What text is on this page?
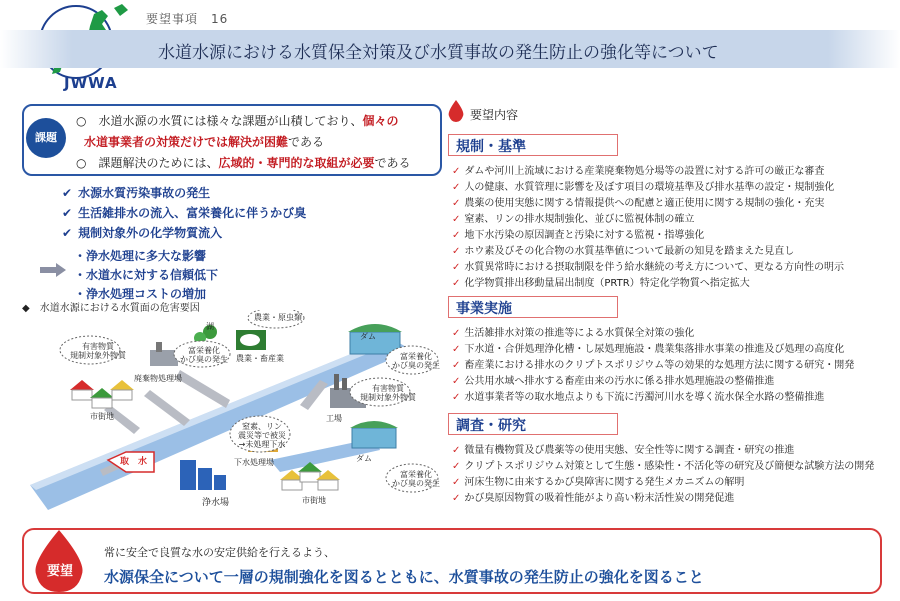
JWWA
要望事項　16
水道水源における水質保全対策及び水質事故の発生防止の強化等について
課題
○　水道水源の水質には様々な課題が山積しており、個々の
水道事業者の対策だけでは解決が困難である
○　課題解決のためには、広域的・専門的な取組が必要である
✔ 水源水質汚染事故の発生
✔ 生活雑排水の流入、富栄養化に伴うかび臭
✔ 規制対象外の化学物質流入
・浄水処理に多大な影響
・水道水に対する信頼低下
・浄水処理コストの増加
◆　水道水源における水質面の危害要因
湖
農業・原虫類
ダム
有害物質
規制対象外物質
富栄養化
かび臭の発生	富栄養化
かび臭の発生
廃棄物処理場
農業・畜産業
有害物質
規制対象外物質
市街地	工場
窒素、リン
震災等で被災
→未処理下水
取　水	下水処理場	ダム
富栄養化
かび臭の発生
浄水場	市街地
要望内容
規制・基準
✓ ダムや河川上流域における産業廃棄物処分場等の設置に対する許可の厳正な審査
✓ 人の健康、水質管理に影響を及ぼす項目の環境基準及び排水基準の設定・規制強化
✓ 農薬の使用実態に関する情報提供への配慮と適正使用に関する規制の強化・充実
✓ 窒素、リンの排水規制強化、並びに監視体制の確立
✓ 地下水汚染の原因調査と汚染に対する監視・指導強化
✓ ホウ素及びその化合物の水質基準値について最新の知見を踏まえた見直し
✓ 水質異常時における摂取制限を伴う給水継続の考え方について、更なる方向性の明示
✓ 化学物質排出移動量届出制度（PRTR）特定化学物質へ指定拡大
事業実施
✓ 生活雑排水対策の推進等による水質保全対策の強化
✓ 下水道・合併処理浄化槽・し尿処理施設・農業集落排水事業の推進及び処理の高度化
✓ 畜産業における排水のクリプトスポリジウム等の効果的な処理方法に関する研究・開発
✓ 公共用水域へ排水する畜産由来の汚水に係る排水処理施設の整備推進
✓ 水道事業者等の取水地点よりも下流に汚濁河川水を導く流水保全水路の整備推進
調査・研究
✓ 微量有機物質及び農薬等の使用実態、安全性等に関する調査・研究の推進
✓ クリプトスポリジウム対策として生態・感染性・不活化等の研究及び簡便な試験方法の開発
✓ 河床生物に由来するかび臭障害に関する発生メカニズムの解明
✓ かび臭原因物質の吸着性能がより高い粉末活性炭の開発促進
要望
常に安全で良質な水の安定供給を行えるよう、
水源保全について一層の規制強化を図るとともに、水質事故の発生防止の強化を図ること
